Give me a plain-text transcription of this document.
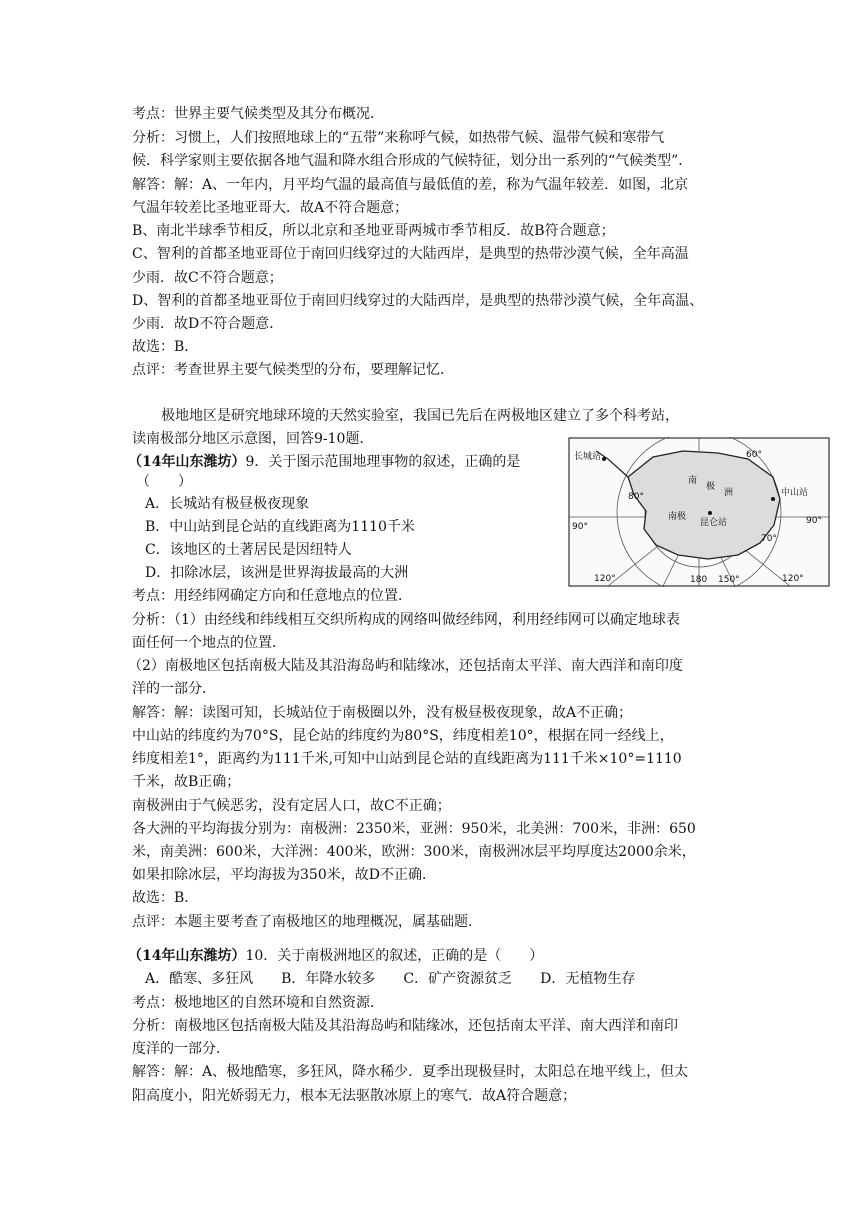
考点：世界主要气候类型及其分布概况．
分析：习惯上，人们按照地球上的“五带”来称呼气候，如热带气候、温带气候和寒带气
候．科学家则主要依据各地气温和降水组合形成的气候特征，划分出一系列的“气候类型”．
解答：解：A、一年内，月平均气温的最高值与最低值的差，称为气温年较差．如图，北京
气温年较差比圣地亚哥大．故A不符合题意；
B、南北半球季节相反，所以北京和圣地亚哥两城市季节相反．故B符合题意；
C、智利的首都圣地亚哥位于南回归线穿过的大陆西岸，是典型的热带沙漠气候，全年高温
少雨．故C不符合题意；
D、智利的首都圣地亚哥位于南回归线穿过的大陆西岸，是典型的热带沙漠气候，全年高温、
少雨．故D不符合题意．
故选：B．
点评：考查世界主要气候类型的分布，要理解记忆．
极地地区是研究地球环境的天然实验室，我国已先后在两极地区建立了多个科考站，
读南极部分地区示意图，回答9-10题．
（14年山东潍坊）9．关于图示范围地理事物的叙述，正确的是
（　　）
A．长城站有极昼极夜现象
B．中山站到昆仑站的直线距离为1110千米
C．该地区的土著居民是因纽特人
D．扣除冰层，该洲是世界海拔最高的大洲
长城站
中山站
昆仑站
南极
南
极
洲
90°
90°
120°	120°
180 150°
80°
70°
60°
考点：用经纬网确定方向和任意地点的位置．
分析：（1）由经线和纬线相互交织所构成的网络叫做经纬网，利用经纬网可以确定地球表
面任何一个地点的位置．
（2）南极地区包括南极大陆及其沿海岛屿和陆缘冰，还包括南太平洋、南大西洋和南印度
洋的一部分．
解答：解：读图可知，长城站位于南极圈以外，没有极昼极夜现象，故A不正确；
中山站的纬度约为70°S，昆仑站的纬度约为80°S，纬度相差10°，根据在同一经线上，
纬度相差1°，距离约为111千米,可知中山站到昆仑站的直线距离为111千米×10°=1110
千米，故B正确；
南极洲由于气候恶劣，没有定居人口，故C不正确；
各大洲的平均海拔分别为：南极洲：2350米，亚洲：950米，北美洲：700米，非洲：650
米，南美洲：600米，大洋洲：400米，欧洲：300米，南极洲冰层平均厚度达2000余米，
如果扣除冰层，平均海拔为350米，故D不正确．
故选：B．
点评：本题主要考查了南极地区的地理概况，属基础题．
（14年山东潍坊）10．关于南极洲地区的叙述，正确的是（　　）
A．酷寒、多狂风　　B．年降水较多　　C．矿产资源贫乏　　D．无植物生存
考点：极地地区的自然环境和自然资源．
分析：南极地区包括南极大陆及其沿海岛屿和陆缘冰，还包括南太平洋、南大西洋和南印
度洋的一部分．
解答：解：A、极地酷寒，多狂风，降水稀少．夏季出现极昼时，太阳总在地平线上，但太
阳高度小，阳光娇弱无力，根本无法驱散冰原上的寒气．故A符合题意；
